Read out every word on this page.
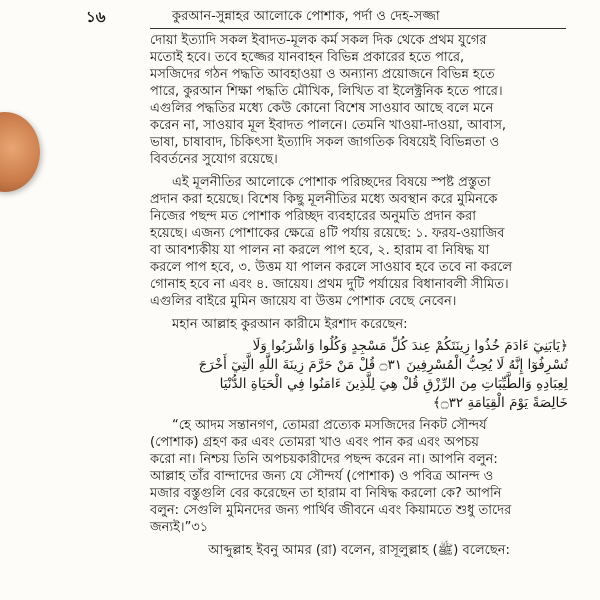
১৬	কুরআন-সুন্নাহর আলোকে পোশাক, পর্দা ও দেহ-সজ্জা

দোয়া ইত্যাদি সকল ইবাদত-মূলক কর্ম সকল দিক থেকে প্রথম যুগের

মতোই হবে। তবে হজ্জের যানবাহন বিভিন্ন প্রকারের হতে পারে,

মসজিদের গঠন পদ্ধতি আবহাওয়া ও অন্যান্য প্রয়োজনে বিভিন্ন হতে

পারে, কুরআন শিক্ষা পদ্ধতি মৌখিক, লিখিত বা ইলেক্ট্রনিক হতে পারে।

এগুলির পদ্ধতির মধ্যে কেউ কোনো বিশেষ সাওয়াব আছে বলে মনে

করেন না, সাওয়াব মূল ইবাদত পালনে। তেমনি খাওয়া-দাওয়া, আবাস,

ভাষা, চাষাবাদ, চিকিৎসা ইত্যাদি সকল জাগতিক বিষয়েই বিভিন্নতা ও

বিবর্তনের সুযোগ রয়েছে।

এই মূলনীতির আলোকে পোশাক পরিচ্ছদের বিষয়ে স্পষ্ট প্রস্তুতা

প্রদান করা হয়েছে। বিশেষ কিছু মূলনীতির মধ্যে অবস্থান করে মুমিনকে

নিজের পছন্দ মত পোশাক পরিচ্ছদ ব্যবহারের অনুমতি প্রদান করা

হয়েছে। এজন্য পোশাকের ক্ষেত্রে ৪টি পর্যায় রয়েছে: ১. ফরয-ওয়াজিব

বা আবশ্যকীয় যা পালন না করলে পাপ হবে, ২. হারাম বা নিষিদ্ধ যা

করলে পাপ হবে, ৩. উত্তম যা পালন করলে সাওয়াব হবে তবে না করলে

গোনাহ হবে না এবং ৪. জায়েয। প্রথম দুটি পর্যায়ের বিধানাবলী সীমিত।

এগুলির বাইরে মুমিন জায়েয বা উত্তম পোশাক বেছে নেবেন।

মহান আল্লাহ কুরআন কারীমে ইরশাদ করেছেন:

﴿يَابَنِيٓ ءَادَمَ خُذُوا زِينَتَكُمْ عِندَ كُلِّ مَسْجِدٍ وَكُلُوا وَاشْرَبُوا وَلَا
تُسْرِفُوٓا إِنَّهُ لَا يُحِبُّ الْمُسْرِفِينَ ۝٣١ قُلْ مَنْ حَرَّمَ زِينَةَ اللَّهِ الَّتِيٓ أَخْرَجَ
لِعِبَادِهِ وَالطَّيِّبَاتِ مِنَ الرِّزْقِ قُلْ هِيَ لِلَّذِينَ ءَامَنُوا فِي الْحَيَاةِ الدُّنْيَا
خَالِصَةً يَوْمَ الْقِيَامَةِ ۝٣٢﴾

“হে আদম সন্তানগণ, তোমরা প্রত্যেক মসজিদের নিকট সৌন্দর্য

(পোশাক) গ্রহণ কর এবং তোমরা খাও এবং পান কর এবং অপচয়

করো না। নিশ্চয় তিনি অপচয়কারীদের পছন্দ করেন না। আপনি বলুন:

আল্লাহ তাঁর বান্দাদের জন্য যে সৌন্দর্য (পোশাক) ও পবিত্র আনন্দ ও

মজার বস্তুগুলি বের করেছেন তা হারাম বা নিষিদ্ধ করলো কে? আপনি

বলুন: সেগুলি মুমিনদের জন্য পার্থিব জীবনে এবং কিয়ামতে শুধু তাদের

জন্যই।”৩১

আব্দুল্লাহ ইবনু আমর (রা) বলেন, রাসূলুল্লাহ (ﷺ) বলেছেন:
